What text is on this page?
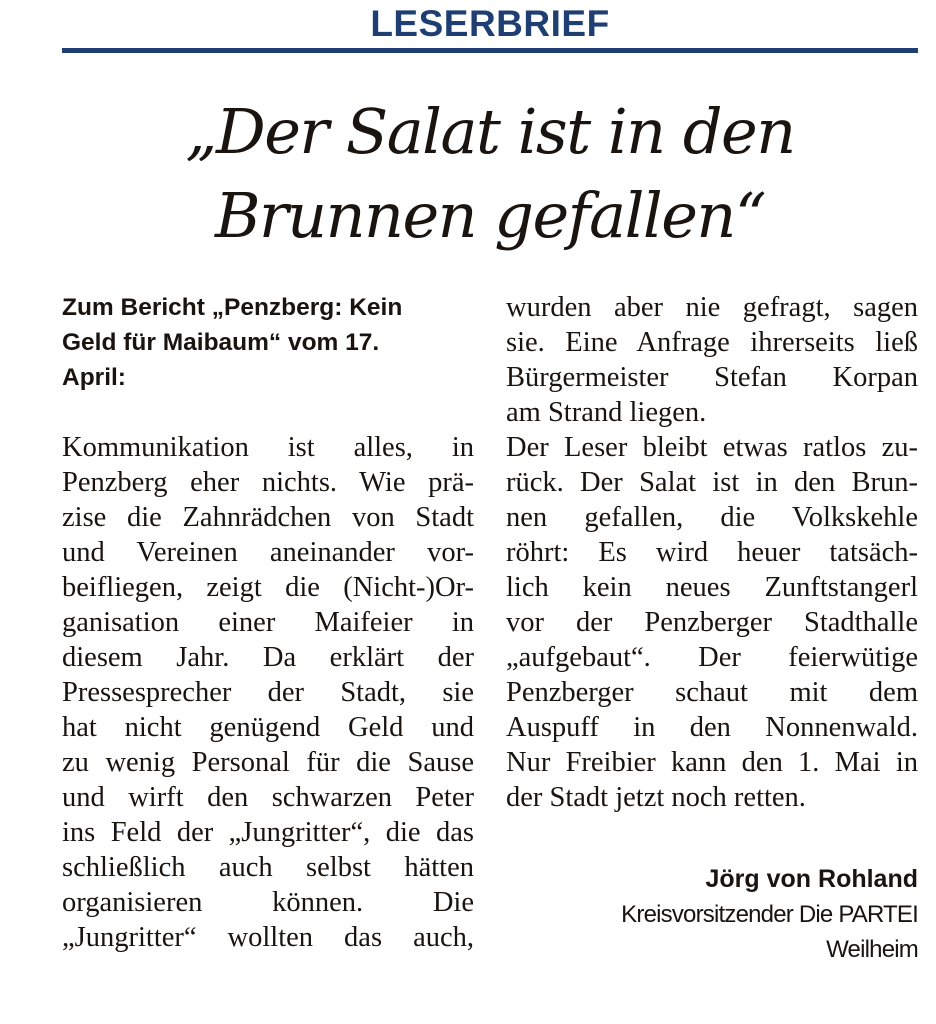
LESERBRIEF
„Der Salat ist in den
Brunnen gefallen“
Zum Bericht „Penzberg: Kein
Geld für Maibaum“ vom 17.
April:
Kommunikation ist alles, in
Penzberg eher nichts. Wie prä-
zise die Zahnrädchen von Stadt
und Vereinen aneinander vor-
beifliegen, zeigt die (Nicht-)Or-
ganisation einer Maifeier in
diesem Jahr. Da erklärt der
Pressesprecher der Stadt, sie
hat nicht genügend Geld und
zu wenig Personal für die Sause
und wirft den schwarzen Peter
ins Feld der „Jungritter“, die das
schließlich auch selbst hätten
organisieren können. Die
„Jungritter“ wollten das auch,
wurden aber nie gefragt, sagen
sie. Eine Anfrage ihrerseits ließ
Bürgermeister Stefan Korpan
am Strand liegen.
Der Leser bleibt etwas ratlos zu-
rück. Der Salat ist in den Brun-
nen gefallen, die Volkskehle
röhrt: Es wird heuer tatsäch-
lich kein neues Zunftstangerl
vor der Penzberger Stadthalle
„aufgebaut“. Der feierwütige
Penzberger schaut mit dem
Auspuff in den Nonnenwald.
Nur Freibier kann den 1. Mai in
der Stadt jetzt noch retten.
Jörg von Rohland
Kreisvorsitzender Die PARTEI
Weilheim
